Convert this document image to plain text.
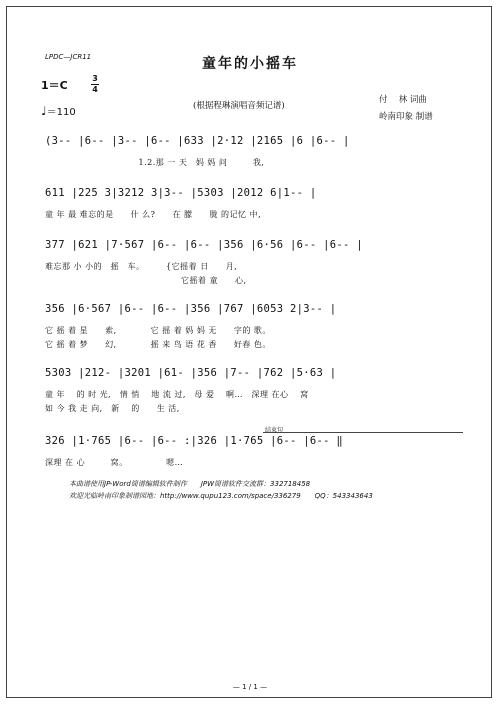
LPDC—JCR11	童年的小摇车
1＝C
3
4
♩＝110
(根据程琳演唱音频记谱)
付　 林 词曲
岭南印象 制谱
(3-- |6-- |3-- |6-- |633 |2·12 |2165 |6 |6-- |
　　　　　　　　　　　1.2.那 一 天　妈 妈 问　　　我,
611 |225 3|3212 3|3-- |5303 |2012 6|1-- |
童 年 最 难忘的是　　什 么?　　在 朦　　胧 的记忆 中,
377 |621 |7·567 |6-- |6-- |356 |6·56 |6-- |6-- |
难忘那 小 小的　摇　车。　　　{它摇着 日　　月,
　　　　　　　　　　　　　　　　它摇着 童　　心,
356 |6·567 |6-- |6-- |356 |767 |6053 2|3-- |
它 摇 着 星　　索,　　　　它 摇 着 妈 妈 无　　字的 歌。
它 摇 着 梦　　幻,　　　　摇 来 鸟 语 花 香　　好春 色。
5303 |212- |3201 |61- |356 |7-- |762 |5·63 |
童 年　 的 时 光,　情 悄　 地 流 过,　母 爱　 啊…　深理 在心　 窝
如 今 我 走 向,　新　 的　　生 活,
结束句
326 |1·765 |6-- |6-- :|326 |1·765 |6-- |6-- ‖
深理 在 心　　　窝。　　　　　嗯…
本曲谱使用JP-Word简谱编辑软件制作　　JPW简谱软件交流群：332718458
欢迎光临岭南印象制谱园地：http://www.qupu123.com/space/336279　　QQ：543343643
— 1 / 1 —
